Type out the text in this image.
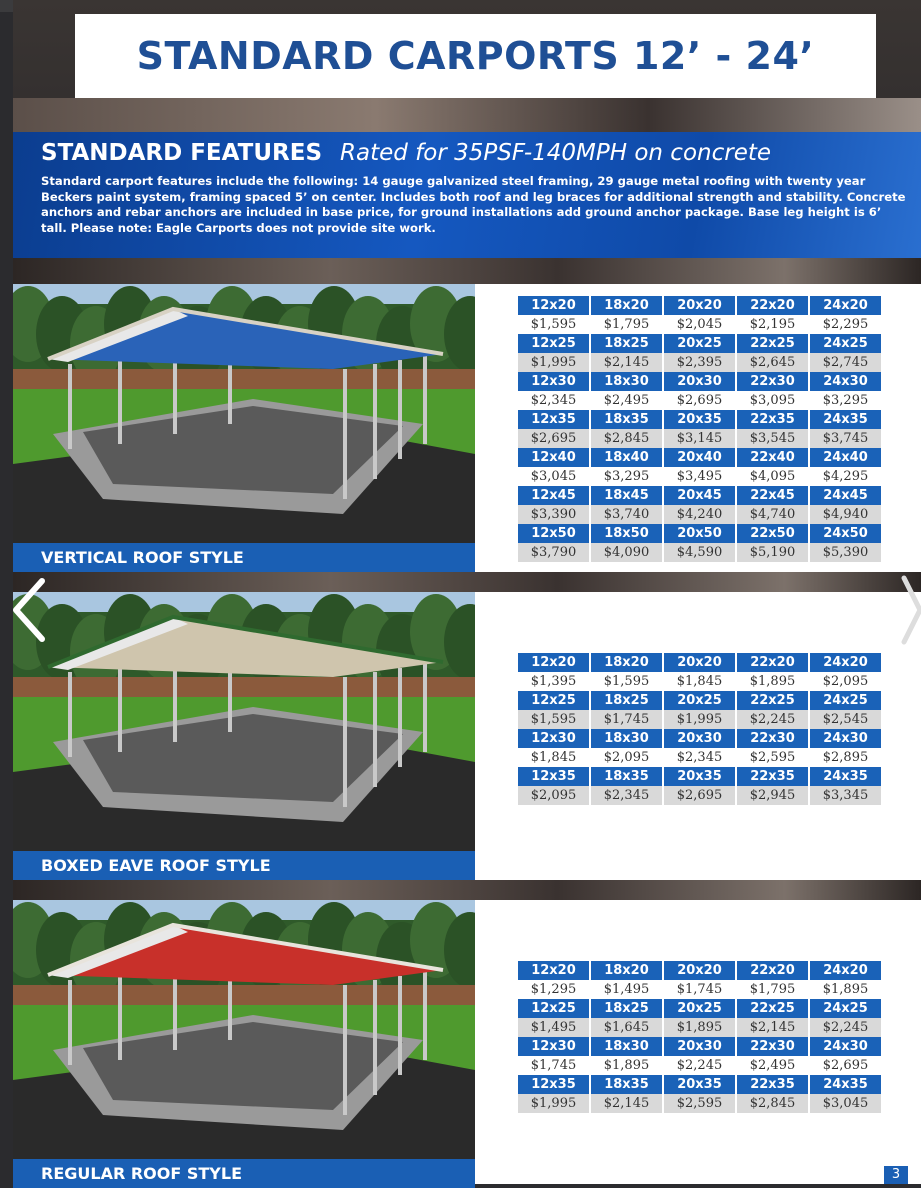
STANDARD CARPORTS 12’ - 24’
STANDARD FEATURES Rated for 35PSF-140MPH on concrete

Standard carport features include the following: 14 gauge galvanized steel framing, 29 gauge metal roofing with twenty year Beckers paint system, framing spaced 5’ on center. Includes both roof and leg braces for additional strength and stability. Concrete anchors and rebar anchors are included in base price, for ground installations add ground anchor package. Base leg height is 6’ tall. Please note: Eagle Carports does not provide site work.

VERTICAL ROOF STYLE
12x20	18x20	20x20	22x20	24x20
$1,595	$1,795	$2,045	$2,195	$2,295
12x25	18x25	20x25	22x25	24x25
$1,995	$2,145	$2,395	$2,645	$2,745
12x30	18x30	20x30	22x30	24x30
$2,345	$2,495	$2,695	$3,095	$3,295
12x35	18x35	20x35	22x35	24x35
$2,695	$2,845	$3,145	$3,545	$3,745
12x40	18x40	20x40	22x40	24x40
$3,045	$3,295	$3,495	$4,095	$4,295
12x45	18x45	20x45	22x45	24x45
$3,390	$3,740	$4,240	$4,740	$4,940
12x50	18x50	20x50	22x50	24x50
$3,790	$4,090	$4,590	$5,190	$5,390
BOXED EAVE ROOF STYLE
12x20	18x20	20x20	22x20	24x20
$1,395	$1,595	$1,845	$1,895	$2,095
12x25	18x25	20x25	22x25	24x25
$1,595	$1,745	$1,995	$2,245	$2,545
12x30	18x30	20x30	22x30	24x30
$1,845	$2,095	$2,345	$2,595	$2,895
12x35	18x35	20x35	22x35	24x35
$2,095	$2,345	$2,695	$2,945	$3,345
REGULAR ROOF STYLE
12x20	18x20	20x20	22x20	24x20
$1,295	$1,495	$1,745	$1,795	$1,895
12x25	18x25	20x25	22x25	24x25
$1,495	$1,645	$1,895	$2,145	$2,245
12x30	18x30	20x30	22x30	24x30
$1,745	$1,895	$2,245	$2,495	$2,695
12x35	18x35	20x35	22x35	24x35
$1,995	$2,145	$2,595	$2,845	$3,045
3
